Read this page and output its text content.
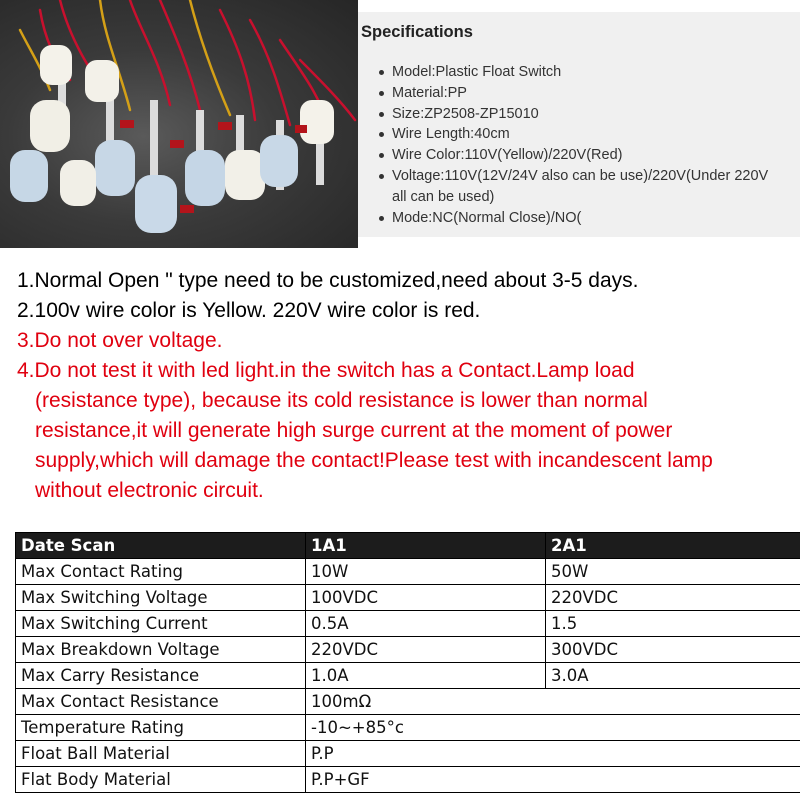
Specifications
Model:Plastic Float Switch
Material:PP
Size:ZP2508-ZP15010
Wire Length:40cm
Wire Color:110V(Yellow)/220V(Red)
Voltage:110V(12V/24V also can be use)/220V(Under 220V
all can be used)
Mode:NC(Normal Close)/NO(
1.Normal Open " type need to be customized,need about 3-5 days.
2.100v wire color is Yellow. 220V wire color is red.
3.Do not over voltage.
4.Do not test it with led light.in the switch has a Contact.Lamp load
(resistance type), because its cold resistance is lower than normal
resistance,it will generate high surge current at the moment of power
supply,which will damage the contact!Please test with incandescent lamp
without electronic circuit.
Date Scan	1A1	2A1
Max Contact Rating	10W	50W
Max Switching Voltage	100VDC	220VDC
Max Switching Current	0.5A	1.5
Max Breakdown Voltage	220VDC	300VDC
Max Carry Resistance	1.0A	3.0A
Max Contact Resistance	100mΩ	
Temperature Rating	-10~+85°c	
Float Ball Material	P.P	
Flat Body Material	P.P+GF	
